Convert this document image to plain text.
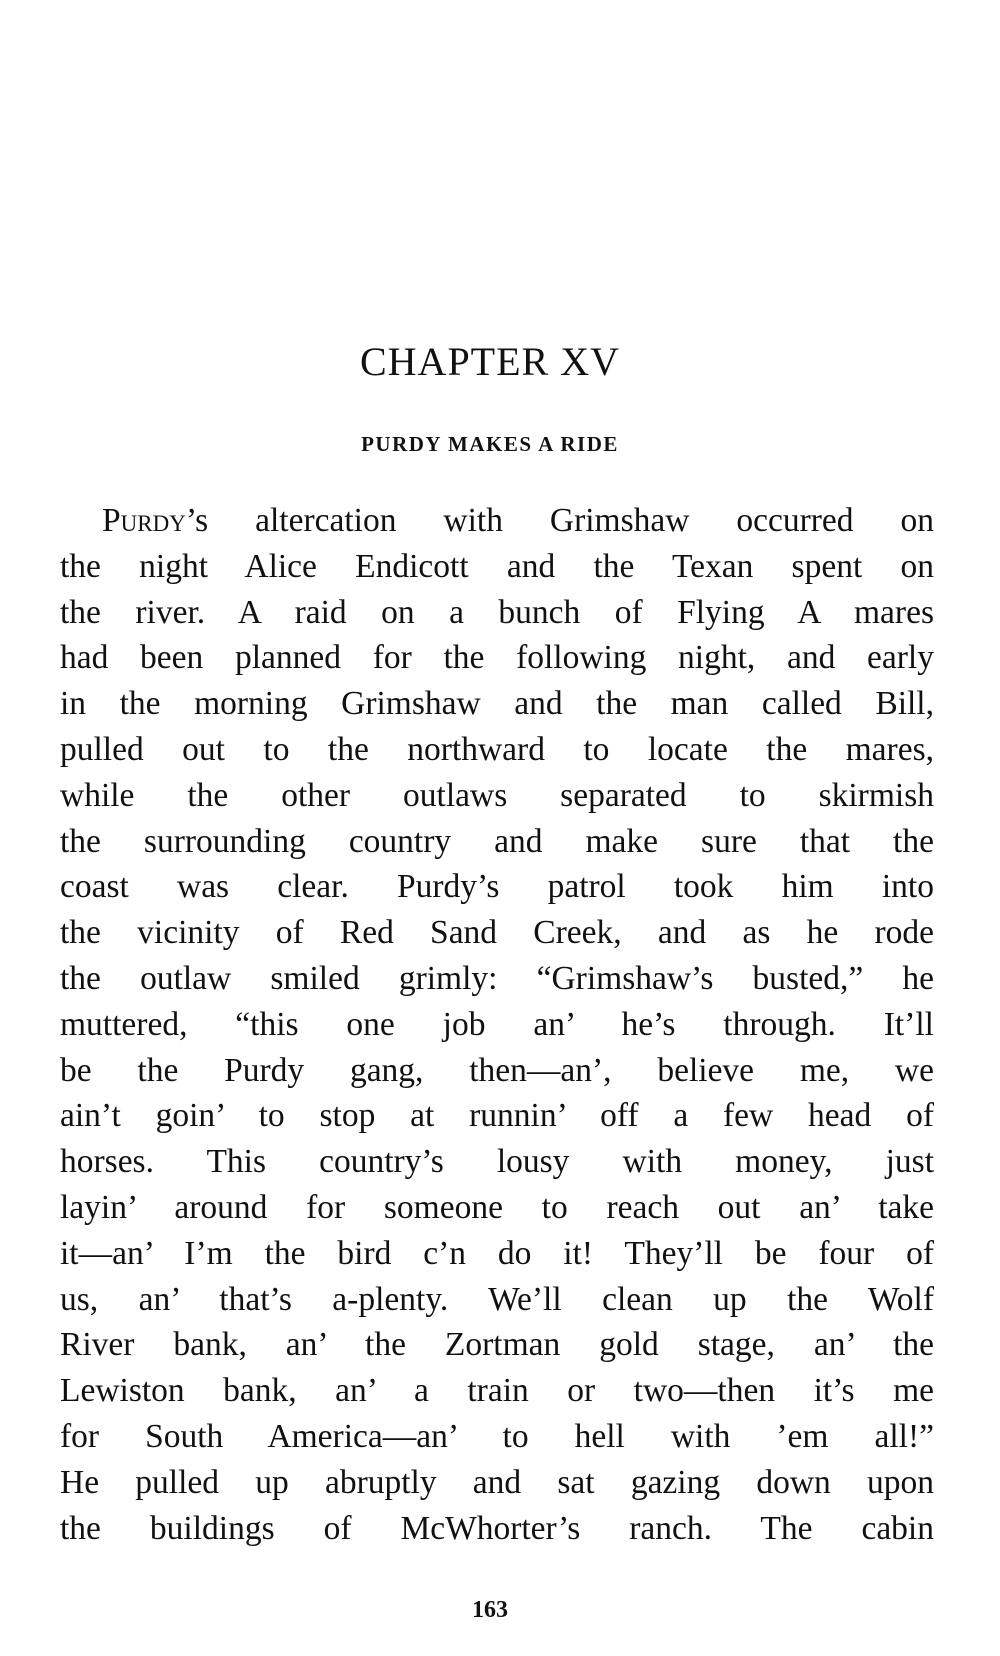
CHAPTER XV
PURDY MAKES A RIDE
Purdy’s altercation with Grimshaw occurred on
the night Alice Endicott and the Texan spent on
the river. A raid on a bunch of Flying A mares
had been planned for the following night, and early
in the morning Grimshaw and the man called Bill,
pulled out to the northward to locate the mares,
while the other outlaws separated to skirmish
the surrounding country and make sure that the
coast was clear. Purdy’s patrol took him into
the vicinity of Red Sand Creek, and as he rode
the outlaw smiled grimly: “Grimshaw’s busted,” he
muttered, “this one job an’ he’s through. It’ll
be the Purdy gang, then—an’, believe me, we
ain’t goin’ to stop at runnin’ off a few head of
horses. This country’s lousy with money, just
layin’ around for someone to reach out an’ take
it—an’ I’m the bird c’n do it! They’ll be four of
us, an’ that’s a-plenty. We’ll clean up the Wolf
River bank, an’ the Zortman gold stage, an’ the
Lewiston bank, an’ a train or two—then it’s me
for South America—an’ to hell with ’em all!”
He pulled up abruptly and sat gazing down upon
the buildings of McWhorter’s ranch. The cabin
163
